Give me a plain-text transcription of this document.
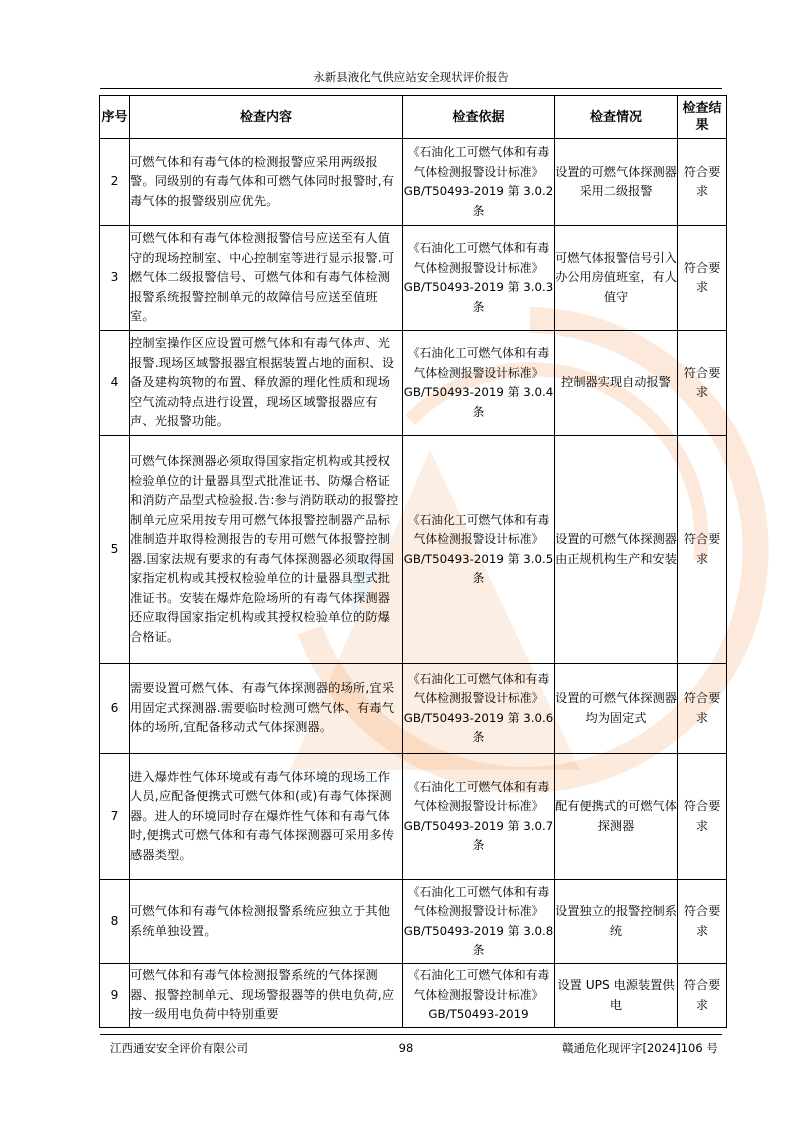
永新县液化气供应站安全现状评价报告
序号	检查内容	检查依据	检查情况	检查结果
2	可燃气体和有毒气体的检测报警应采用两级报警。同级别的有毒气体和可燃气体同时报警时,有毒气体的报警级别应优先。	《石油化工可燃气体和有毒气体检测报警设计标准》GB/T50493-2019 第 3.0.2 条	设置的可燃气体探测器采用二级报警	符合要求
3	可燃气体和有毒气体检测报警信号应送至有人值守的现场控制室、中心控制室等进行显示报警.可燃气体二级报警信号、可燃气体和有毒气体检测报警系统报警控制单元的故障信号应送至值班室。	《石油化工可燃气体和有毒气体检测报警设计标准》GB/T50493-2019 第 3.0.3 条	可燃气体报警信号引入办公用房值班室，有人值守	符合要求
4	控制室操作区应设置可燃气体和有毒气体声、光报警.现场区域警报器宜根据装置占地的面积、设备及建构筑物的布置、释放源的理化性质和现场空气流动特点进行设置，现场区域警报器应有声、光报警功能。	《石油化工可燃气体和有毒气体检测报警设计标准》GB/T50493-2019 第 3.0.4 条	控制器实现自动报警	符合要求
5	可燃气体探测器必须取得国家指定机构或其授权检验单位的计量器具型式批准证书、防爆合格证和消防产品型式检验报.告:参与消防联动的报警控制单元应采用按专用可燃气体报警控制器产品标准制造并取得检测报告的专用可燃气体报警控制器.国家法规有要求的有毒气体探测器必须取得国家指定机构或其授权检验单位的计量器具型式批准证书。安装在爆炸危险场所的有毒气体探测器还应取得国家指定机构或其授权检验单位的防爆合格证。	《石油化工可燃气体和有毒气体检测报警设计标准》GB/T50493-2019 第 3.0.5 条	设置的可燃气体探测器由正规机构生产和安装	符合要求
6	需要设置可燃气体、有毒气体探测器的场所,宜采用固定式探测器.需要临时检测可燃气体、有毒气体的场所,宜配备移动式气体探测器。	《石油化工可燃气体和有毒气体检测报警设计标准》GB/T50493-2019 第 3.0.6 条	设置的可燃气体探测器均为固定式	符合要求
7	进入爆炸性气体环境或有毒气体环境的现场工作人员,应配备便携式可燃气体和(或)有毒气体探测器。进人的环境同时存在爆炸性气体和有毒气体时,便携式可燃气体和有毒气体探测器可采用多传感器类型。	《石油化工可燃气体和有毒气体检测报警设计标准》GB/T50493-2019 第 3.0.7 条	配有便携式的可燃气体探测器	符合要求
8	可燃气体和有毒气体检测报警系统应独立于其他系统单独设置。	《石油化工可燃气体和有毒气体检测报警设计标准》GB/T50493-2019 第 3.0.8 条	设置独立的报警控制系统	符合要求
9	可燃气体和有毒气体检测报警系统的气体探测器、报警控制单元、现场警报器等的供电负荷,应按一级用电负荷中特别重要	《石油化工可燃气体和有毒气体检测报警设计标准》GB/T50493-2019	设置 UPS 电源装置供电	符合要求
江西通安安全评价有限公司	98	赣通危化现评字[2024]106 号
